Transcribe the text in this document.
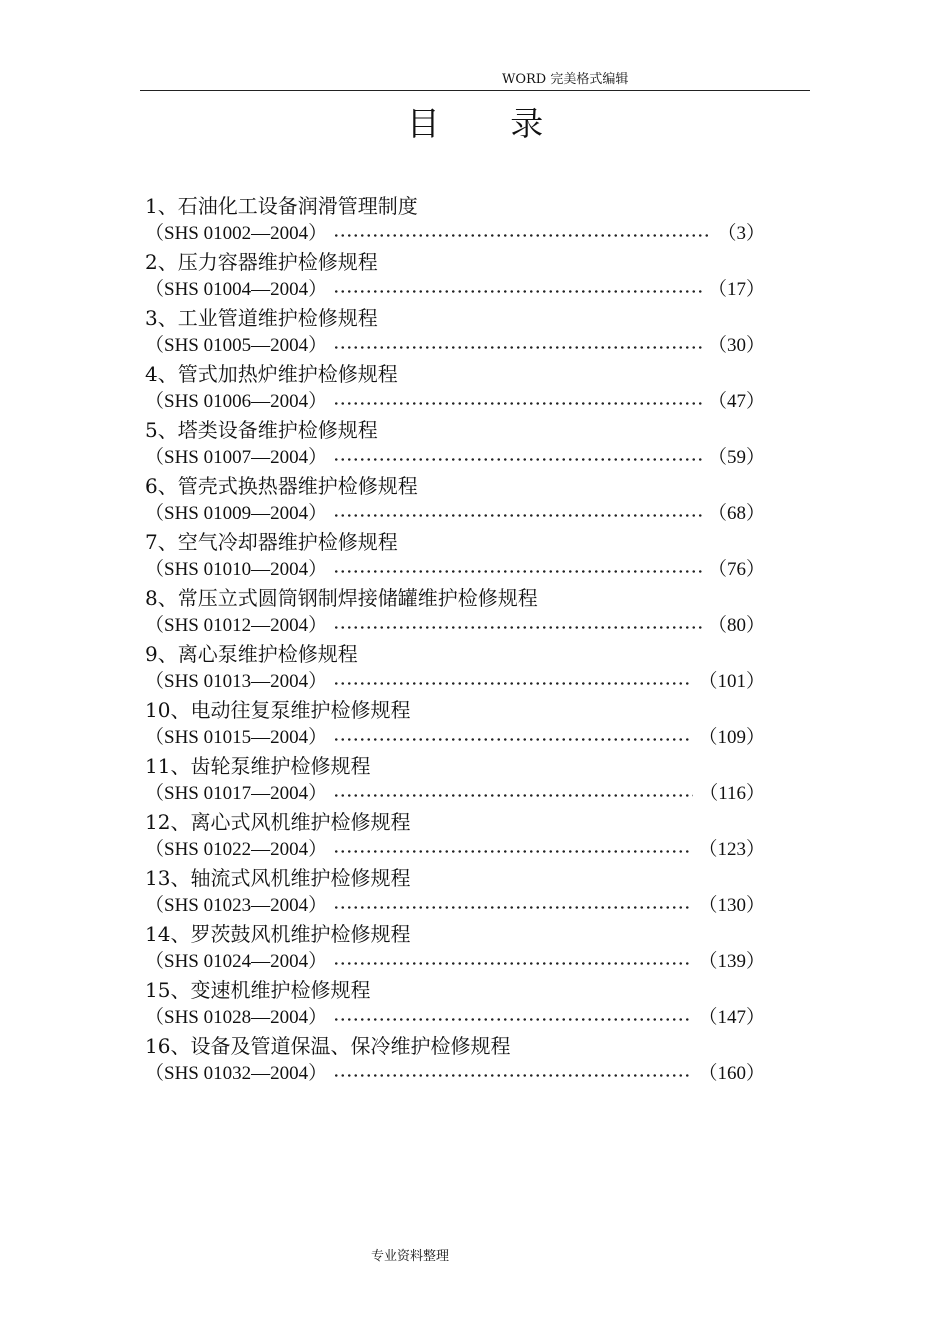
WORD 完美格式编辑
目 录
1、石油化工设备润滑管理制度
（SHS 01002—2004）	（3）
2、压力容器维护检修规程
（SHS 01004—2004）	（17）
3、工业管道维护检修规程
（SHS 01005—2004）	（30）
4、管式加热炉维护检修规程
（SHS 01006—2004）	（47）
5、塔类设备维护检修规程
（SHS 01007—2004）	（59）
6、管壳式换热器维护检修规程
（SHS 01009—2004）	（68）
7、空气冷却器维护检修规程
（SHS 01010—2004）	（76）
8、常压立式圆筒钢制焊接储罐维护检修规程
（SHS 01012—2004）	（80）
9、离心泵维护检修规程
（SHS 01013—2004）	（101）
10、电动往复泵维护检修规程
（SHS 01015—2004）	（109）
11、齿轮泵维护检修规程
（SHS 01017—2004）	（116）
12、离心式风机维护检修规程
（SHS 01022—2004）	（123）
13、轴流式风机维护检修规程
（SHS 01023—2004）	（130）
14、罗茨鼓风机维护检修规程
（SHS 01024—2004）	（139）
15、变速机维护检修规程
（SHS 01028—2004）	（147）
16、设备及管道保温、保冷维护检修规程
（SHS 01032—2004）	（160）
专业资料整理
